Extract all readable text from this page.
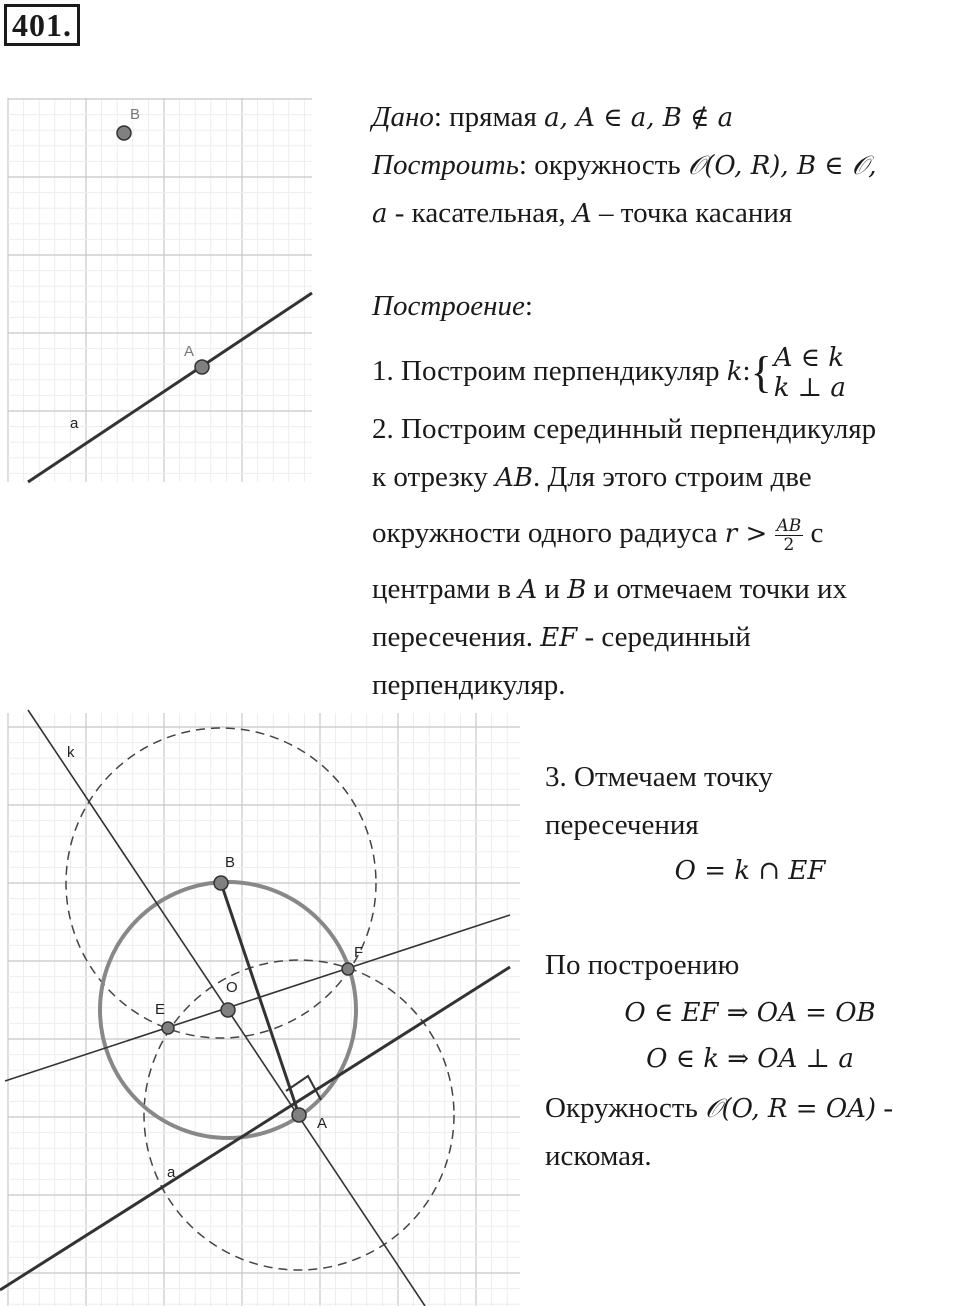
401.
B
A
a
k
B
F
E
O
A
a
Дано: прямая a, A ∈ a, B ∉ a
Построить: окружность 𝒪(O, R), B ∈ 𝒪,
a - касательная, A – точка касания
Построение:
1. Построим перпендикуляр k:{ A ∈ k
k ⊥ a
2. Построим серединный перпендикуляр
к отрезку AB. Для этого строим две
окружности одного радиуса $r > \frac{AB}{2}$ с
центрами в A и B и отмечаем точки их
пересечения. EF - серединный
перпендикуляр.
3. Отмечаем точку
пересечения
O = k ∩ EF
По построению
O ∈ EF ⇒ OA = OB
O ∈ k ⇒ OA ⊥ a
Окружность 𝒪(O, R = OA) -
искомая.
